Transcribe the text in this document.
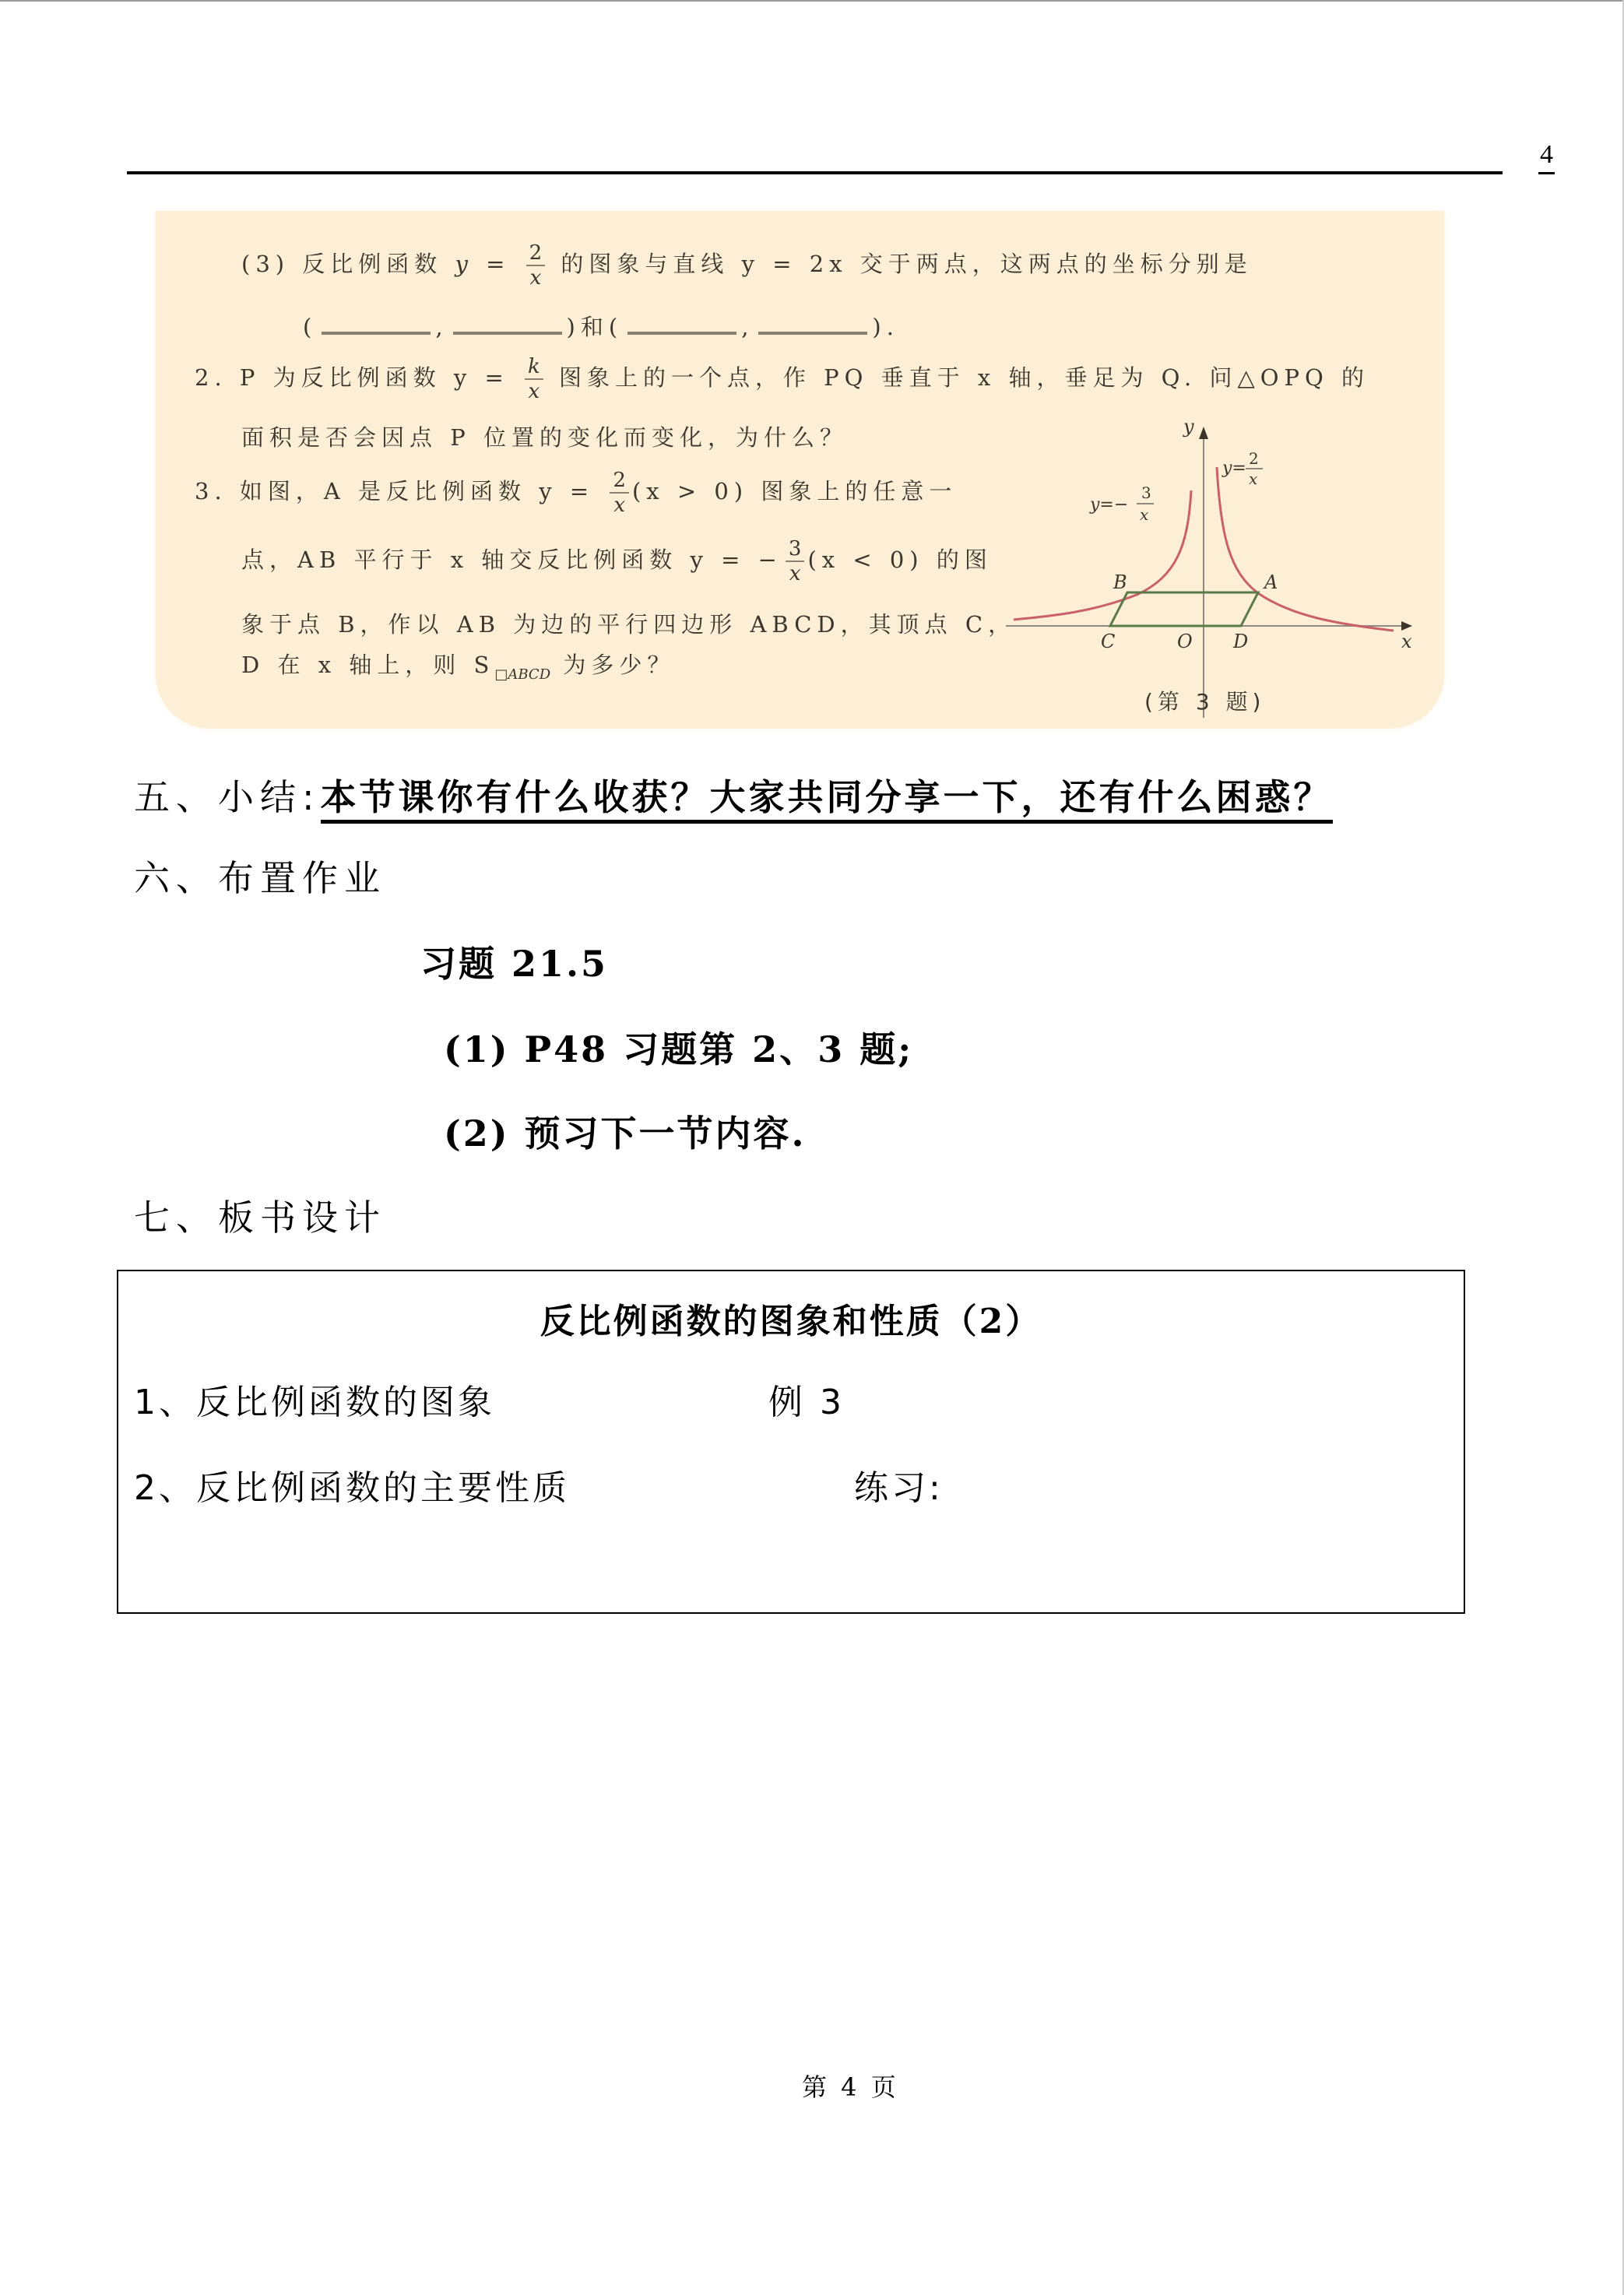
4
(3) 反比例函数 $y = \frac{2}{x}$ 的图象与直线 y = 2x 交于两点，这两点的坐标分别是
(	,	)和(	,	).
2. P 为反比例函数 $y = \frac{k}{x}$ 图象上的一个点，作 PQ 垂直于 x 轴，垂足为 Q. 问△OPQ 的
面积是否会因点 P 位置的变化而变化，为什么？
3. 如图，A 是反比例函数 $y = \frac{2}{x} (x > 0)$ 图象上的任意一
点，AB 平行于 x 轴交反比例函数 y = − $\frac{3}{x} (x < 0)$ 的图
象于点 B，作以 AB 为边的平行四边形 ABCD，其顶点 C，
D 在 x 轴上，则 $S_{□ABCD}$ 为多少？
y
x
O
A
B
C	D
y= 2
x
y=−
3
x
(第 3 题)
五、小结:本节课你有什么收获？大家共同分享一下，还有什么困惑？
六、布置作业
习题 21.5
(1) P48 习题第 2、3 题;
(2) 预习下一节内容.
七、板书设计
反比例函数的图象和性质（2）
1、反比例函数的图象	例 3
2、反比例函数的主要性质	练习:
第 4 页
